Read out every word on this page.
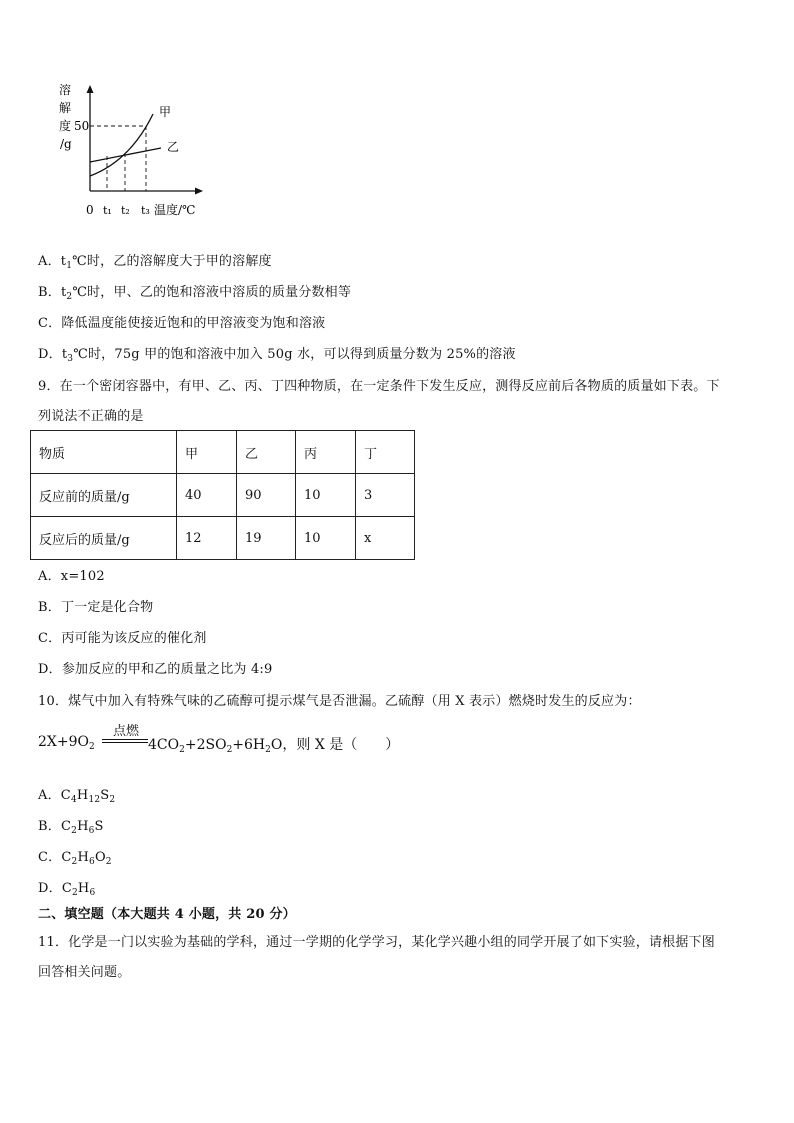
溶
解
度
/g
50
0 t₁ t₂ t₃ 温度/℃
甲
乙
A．$t_1℃$时，乙的溶解度大于甲的溶解度
B．$t_2℃$时，甲、乙的饱和溶液中溶质的质量分数相等
C．降低温度能使接近饱和的甲溶液变为饱和溶液
D．$t_3℃$时，75g 甲的饱和溶液中加入 50g 水，可以得到质量分数为 25%的溶液
9．在一个密闭容器中，有甲、乙、丙、丁四种物质，在一定条件下发生反应，测得反应前后各物质的质量如下表。下
列说法不正确的是
物质	甲	乙	丙	丁
反应前的质量/g	40	90	10	3
反应后的质量/g	12	19	10	x
A．x=102
B．丁一定是化合物
C．丙可能为该反应的催化剂
D．参加反应的甲和乙的质量之比为 4:9
10．煤气中加入有特殊气味的乙硫醇可提示煤气是否泄漏。乙硫醇（用 X 表示）燃烧时发生的反应为：
$2X+9O_2$
点燃
$4CO_2+2SO_2+6H_2O$，则 X 是（　　）
A．$C_4H_{12}S_2$
B．$C_2H_6S$
C．$C_2H_6O_2$
D．$C_2H_6$
二、填空题（本大题共 4 小题，共 20 分）
11．化学是一门以实验为基础的学科，通过一学期的化学学习，某化学兴趣小组的同学开展了如下实验，请根据下图
回答相关问题。
